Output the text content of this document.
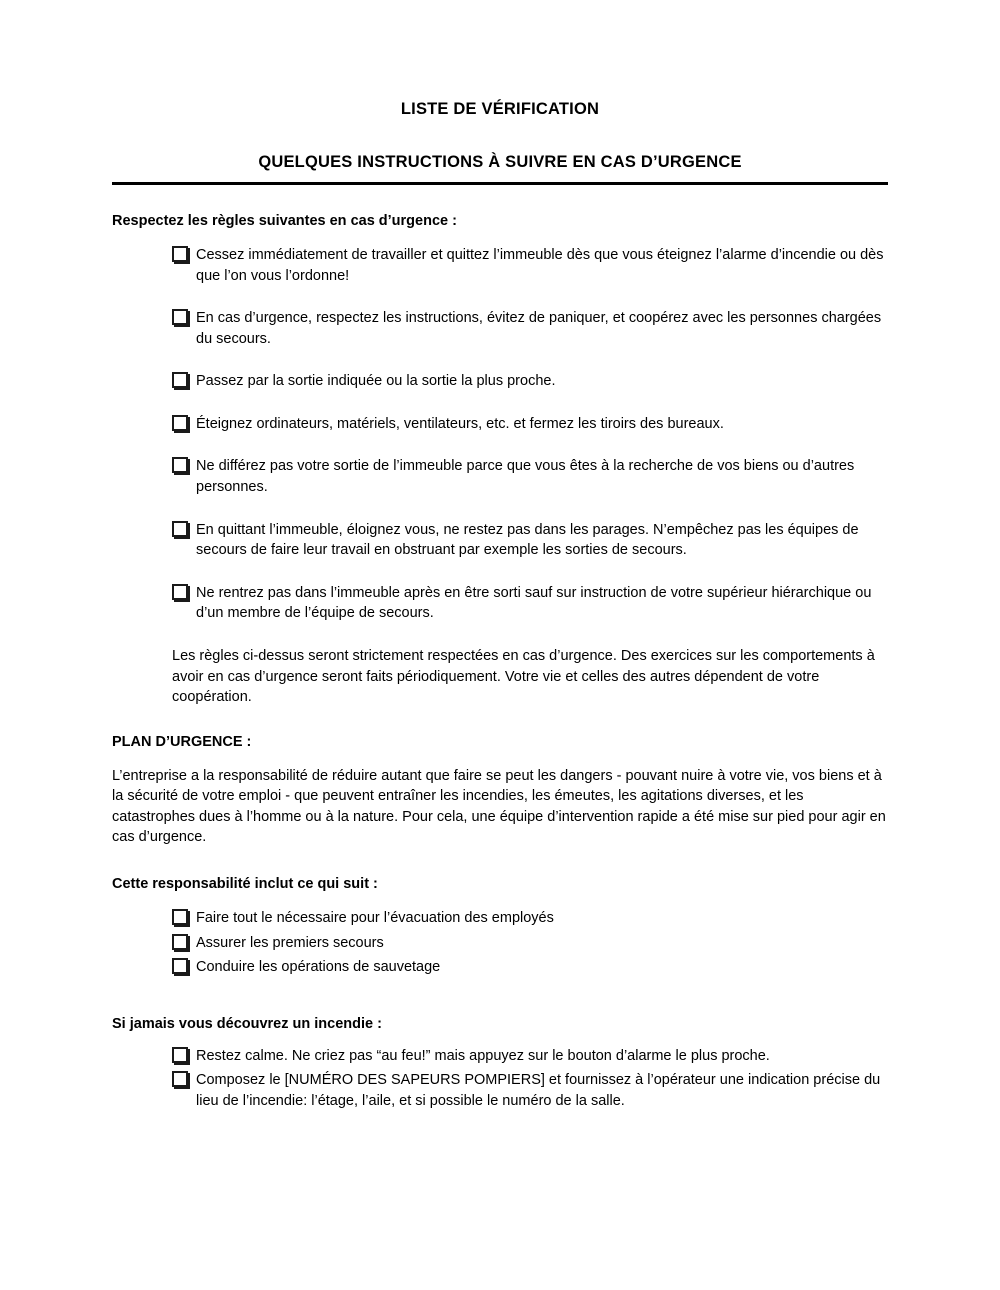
LISTE DE VÉRIFICATION
QUELQUES INSTRUCTIONS À SUIVRE EN CAS D’URGENCE
Respectez les règles suivantes en cas d’urgence :
Cessez immédiatement de travailler et quittez l’immeuble dès que vous éteignez l’alarme d’incendie ou dès que l’on vous l’ordonne!
En cas d’urgence, respectez les instructions, évitez de paniquer, et coopérez avec les personnes chargées du secours.
Passez par la sortie indiquée ou la sortie la plus proche.
Éteignez ordinateurs, matériels, ventilateurs, etc. et fermez les tiroirs des bureaux.
Ne différez pas votre sortie de l’immeuble parce que vous êtes à la recherche de vos biens ou d’autres personnes.
En quittant l’immeuble, éloignez vous, ne restez pas dans les parages. N’empêchez pas les équipes de secours de faire leur travail en obstruant par exemple les sorties de secours.
Ne rentrez pas dans l’immeuble après en être sorti sauf sur instruction de votre supérieur hiérarchique ou d’un membre de l’équipe de secours.

Les règles ci-dessus seront strictement respectées en cas d’urgence. Des exercices sur les comportements à avoir en cas d’urgence seront faits périodiquement. Votre vie et celles des autres dépendent de votre coopération.

PLAN D’URGENCE :

L’entreprise a la responsabilité de réduire autant que faire se peut les dangers - pouvant nuire à votre vie, vos biens et à la sécurité de votre emploi - que peuvent entraîner les incendies, les émeutes, les agitations diverses, et les catastrophes dues à l’homme ou à la nature. Pour cela, une équipe d’intervention rapide a été mise sur pied pour agir en cas d’urgence.

Cette responsabilité inclut ce qui suit :
Faire tout le nécessaire pour l’évacuation des employés
Assurer les premiers secours
Conduire les opérations de sauvetage
Si jamais vous découvrez un incendie :
Restez calme. Ne criez pas “au feu!” mais appuyez sur le bouton d’alarme le plus proche.
Composez le [NUMÉRO DES SAPEURS POMPIERS] et fournissez à l’opérateur une indication précise du lieu de l’incendie: l’étage, l’aile, et si possible le numéro de la salle.
